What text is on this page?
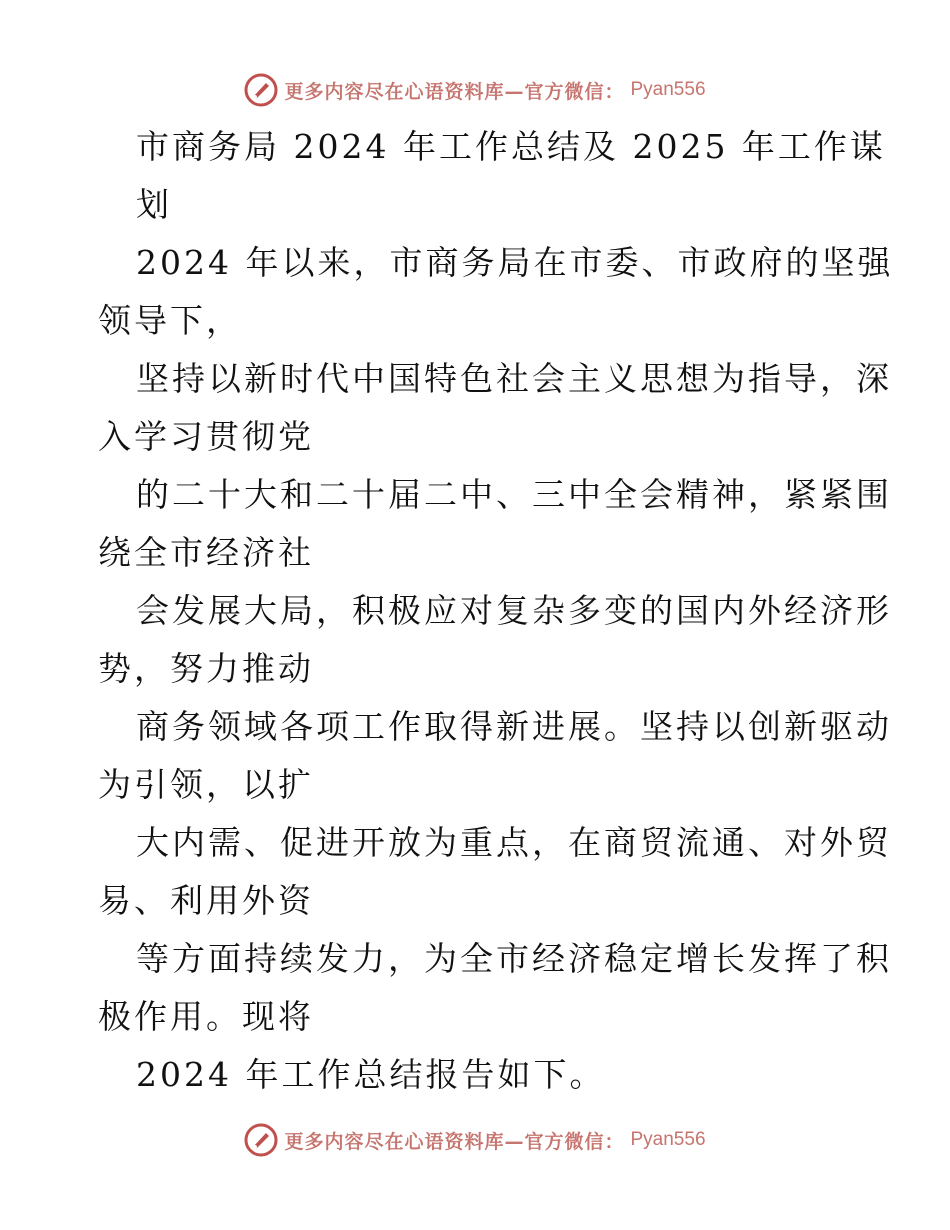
更多内容尽在心语资料库—官方微信： Pyan556
市商务局 2024 年工作总结及 2025 年工作谋
划
2024 年以来，市商务局在市委、市政府的坚强
领导下，
坚持以新时代中国特色社会主义思想为指导，深
入学习贯彻党
的二十大和二十届二中、三中全会精神，紧紧围
绕全市经济社
会发展大局，积极应对复杂多变的国内外经济形
势，努力推动
商务领域各项工作取得新进展。坚持以创新驱动
为引领，以扩
大内需、促进开放为重点，在商贸流通、对外贸
易、利用外资
等方面持续发力，为全市经济稳定增长发挥了积
极作用。现将
2024 年工作总结报告如下。
更多内容尽在心语资料库—官方微信： Pyan556
